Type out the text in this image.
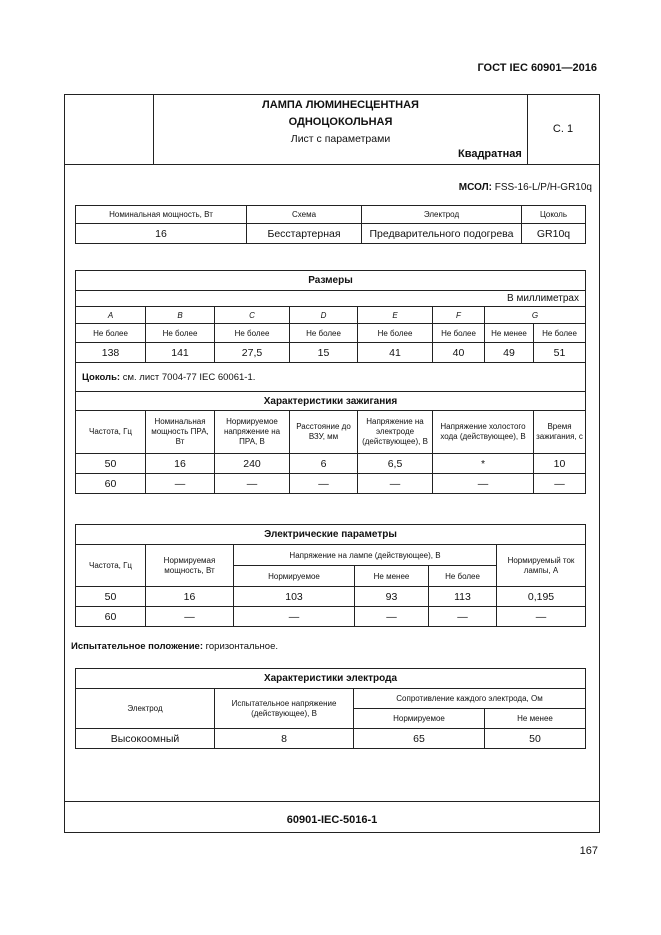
ГОСТ IEC 60901—2016
ЛАМПА ЛЮМИНЕСЦЕНТНАЯ
ОДНОЦОКОЛЬНАЯ
Лист с параметрами
Квадратная
С. 1
МСОЛ: FSS-16-L/P/H-GR10q
Номинальная мощность, Вт	Схема	Электрод	Цоколь
16	Бесстартерная	Предварительного подогрева	GR10q
Размеры							
В миллиметрах							
A	B	C	D	E	F	G	
Не более	Не более	Не более	Не более	Не более	Не более	Не менее	Не более
138	141	27,5	15	41	40	49	51
Цоколь: см. лист 7004-77 IEC 60061-1.							
Характеристики зажигания							
Частота, Гц	Номинальная мощность ПРА, Вт	Нормируемое напряжение на ПРА, В	Расстояние до ВЗУ, мм	Напряжение на электроде (действующее), В	Напряжение холостого хода (действующее), В		Время зажигания, с
50	16	240	6	6,5	*		10
60	—	—	—	—	—		—
Электрические параметры					
Частота, Гц	Нормируемая мощность, Вт	Напряжение на лампе (действующее), В			Нормируемый ток лампы, А
		Нормируемое	Не менее	Не более	
50	16	103	93	113	0,195
60	—	—	—	—	—
Испытательное положение: горизонтальное.
Характеристики электрода			
Электрод	Испытательное напряжение (действующее), В	Сопротивление каждого электрода, Ом	
		Нормируемое	Не менее
Высокоомный	8	65	50
60901-IEC-5016-1
167
